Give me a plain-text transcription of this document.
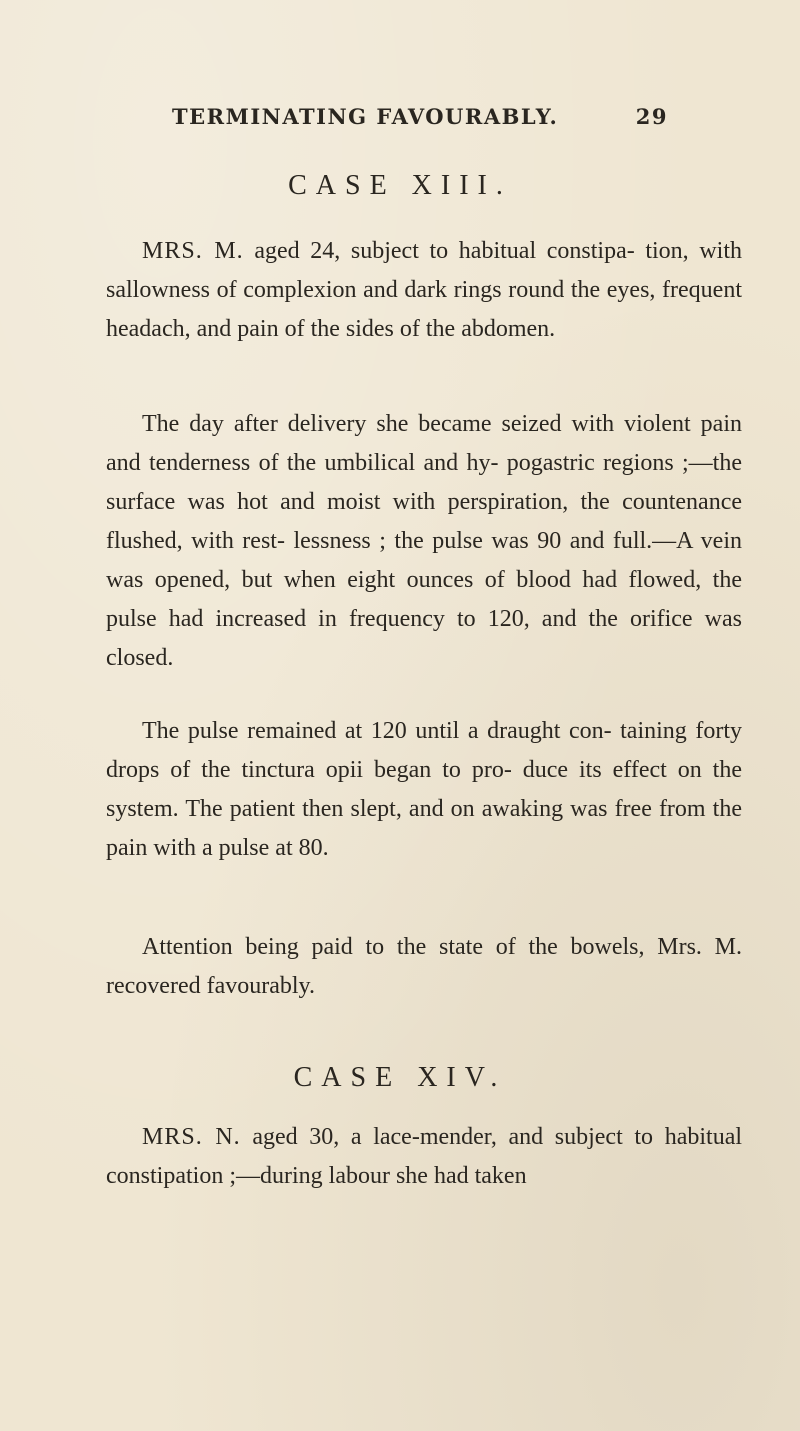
TERMINATING FAVOURABLY.	29
CASE XIII.

MRS. M. aged 24, subject to habitual constipa- tion, with sallowness of complexion and dark rings round the eyes, frequent headach, and pain of the sides of the abdomen.

The day after delivery she became seized with violent pain and tenderness of the umbilical and hy- pogastric regions ;—the surface was hot and moist with perspiration, the countenance flushed, with rest- lessness ; the pulse was 90 and full.—A vein was opened, but when eight ounces of blood had flowed, the pulse had increased in frequency to 120, and the orifice was closed.

The pulse remained at 120 until a draught con- taining forty drops of the tinctura opii began to pro- duce its effect on the system. The patient then slept, and on awaking was free from the pain with a pulse at 80.

Attention being paid to the state of the bowels, Mrs. M. recovered favourably.

CASE XIV.

MRS. N. aged 30, a lace-mender, and subject to habitual constipation ;—during labour she had taken
